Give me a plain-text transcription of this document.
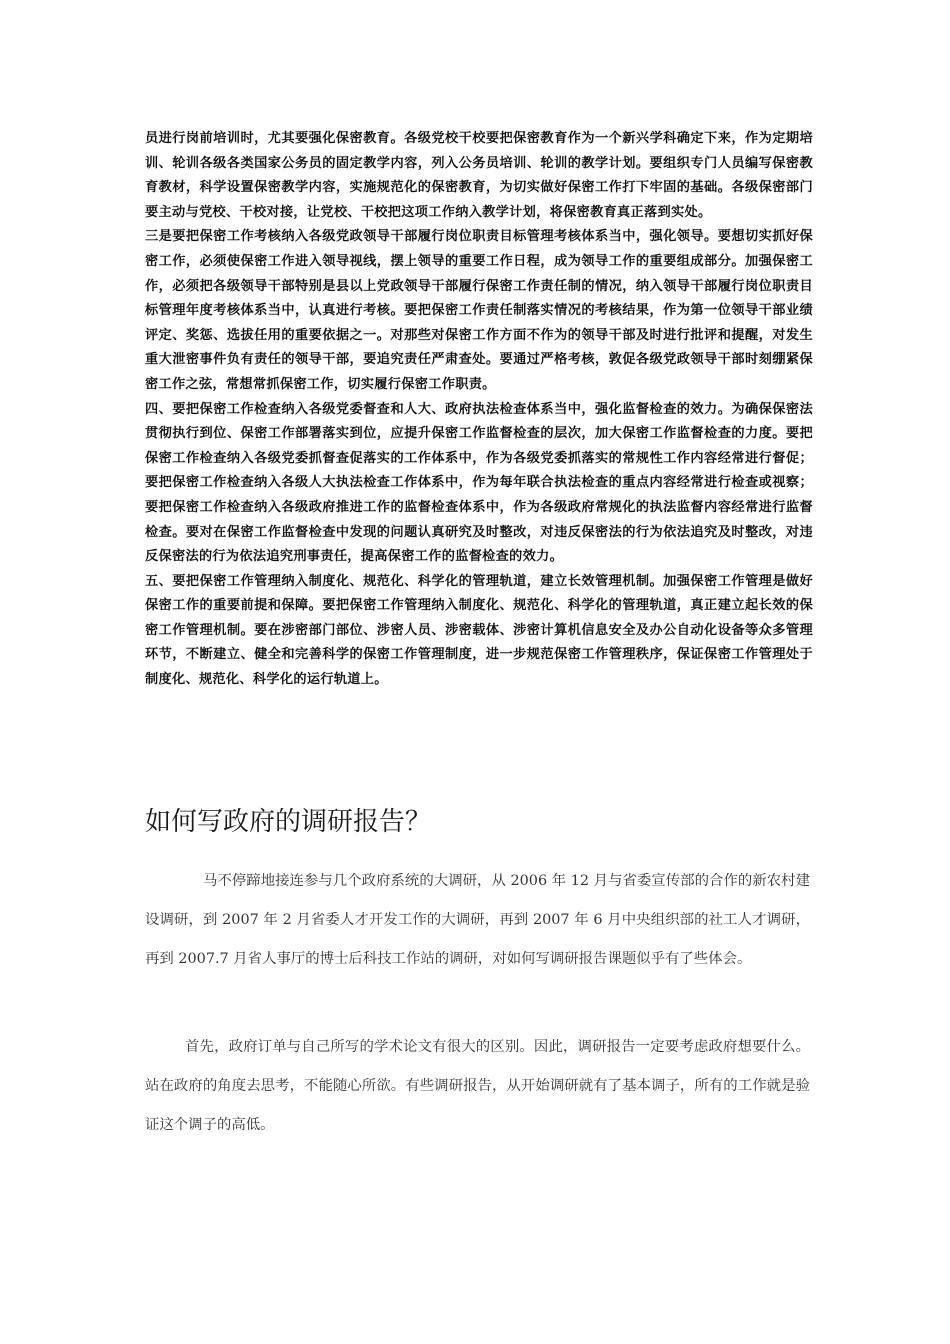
员进行岗前培训时，尤其要强化保密教育。各级党校干校要把保密教育作为一个新兴学科确定下来，作为定期培训、轮训各级各类国家公务员的固定教学内容，列入公务员培训、轮训的教学计划。要组织专门人员编写保密教育教材，科学设置保密教学内容，实施规范化的保密教育，为切实做好保密工作打下牢固的基础。各级保密部门要主动与党校、干校对接，让党校、干校把这项工作纳入教学计划，将保密教育真正落到实处。

三是要把保密工作考核纳入各级党政领导干部履行岗位职责目标管理考核体系当中，强化领导。要想切实抓好保密工作，必须使保密工作进入领导视线，摆上领导的重要工作日程，成为领导工作的重要组成部分。加强保密工作，必须把各级领导干部特别是县以上党政领导干部履行保密工作责任制的情况，纳入领导干部履行岗位职责目标管理年度考核体系当中，认真进行考核。要把保密工作责任制落实情况的考核结果，作为第一位领导干部业绩评定、奖惩、选拔任用的重要依据之一。对那些对保密工作方面不作为的领导干部及时进行批评和提醒，对发生重大泄密事件负有责任的领导干部，要追究责任严肃查处。要通过严格考核，敦促各级党政领导干部时刻绷紧保密工作之弦，常想常抓保密工作，切实履行保密工作职责。

四、要把保密工作检查纳入各级党委督查和人大、政府执法检查体系当中，强化监督检查的效力。为确保保密法贯彻执行到位、保密工作部署落实到位，应提升保密工作监督检查的层次，加大保密工作监督检查的力度。要把保密工作检查纳入各级党委抓督查促落实的工作体系中，作为各级党委抓落实的常规性工作内容经常进行督促；要把保密工作检查纳入各级人大执法检查工作体系中，作为每年联合执法检查的重点内容经常进行检查或视察；要把保密工作检查纳入各级政府推进工作的监督检查体系中，作为各级政府常规化的执法监督内容经常进行监督检查。要对在保密工作监督检查中发现的问题认真研究及时整改，对违反保密法的行为依法追究及时整改，对违反保密法的行为依法追究刑事责任，提高保密工作的监督检查的效力。

五、要把保密工作管理纳入制度化、规范化、科学化的管理轨道，建立长效管理机制。加强保密工作管理是做好保密工作的重要前提和保障。要把保密工作管理纳入制度化、规范化、科学化的管理轨道，真正建立起长效的保密工作管理机制。要在涉密部门部位、涉密人员、涉密载体、涉密计算机信息安全及办公自动化设备等众多管理环节，不断建立、健全和完善科学的保密工作管理制度，进一步规范保密工作管理秩序，保证保密工作管理处于制度化、规范化、科学化的运行轨道上。

如何写政府的调研报告？

马不停蹄地接连参与几个政府系统的大调研，从 2006 年 12 月与省委宣传部的合作的新农村建设调研，到 2007 年 2 月省委人才开发工作的大调研，再到 2007 年 6 月中央组织部的社工人才调研，再到 2007.7 月省人事厅的博士后科技工作站的调研，对如何写调研报告课题似乎有了些体会。

首先，政府订单与自己所写的学术论文有很大的区别。因此，调研报告一定要考虑政府想要什么。站在政府的角度去思考，不能随心所欲。有些调研报告，从开始调研就有了基本调子，所有的工作就是验证这个调子的高低。
